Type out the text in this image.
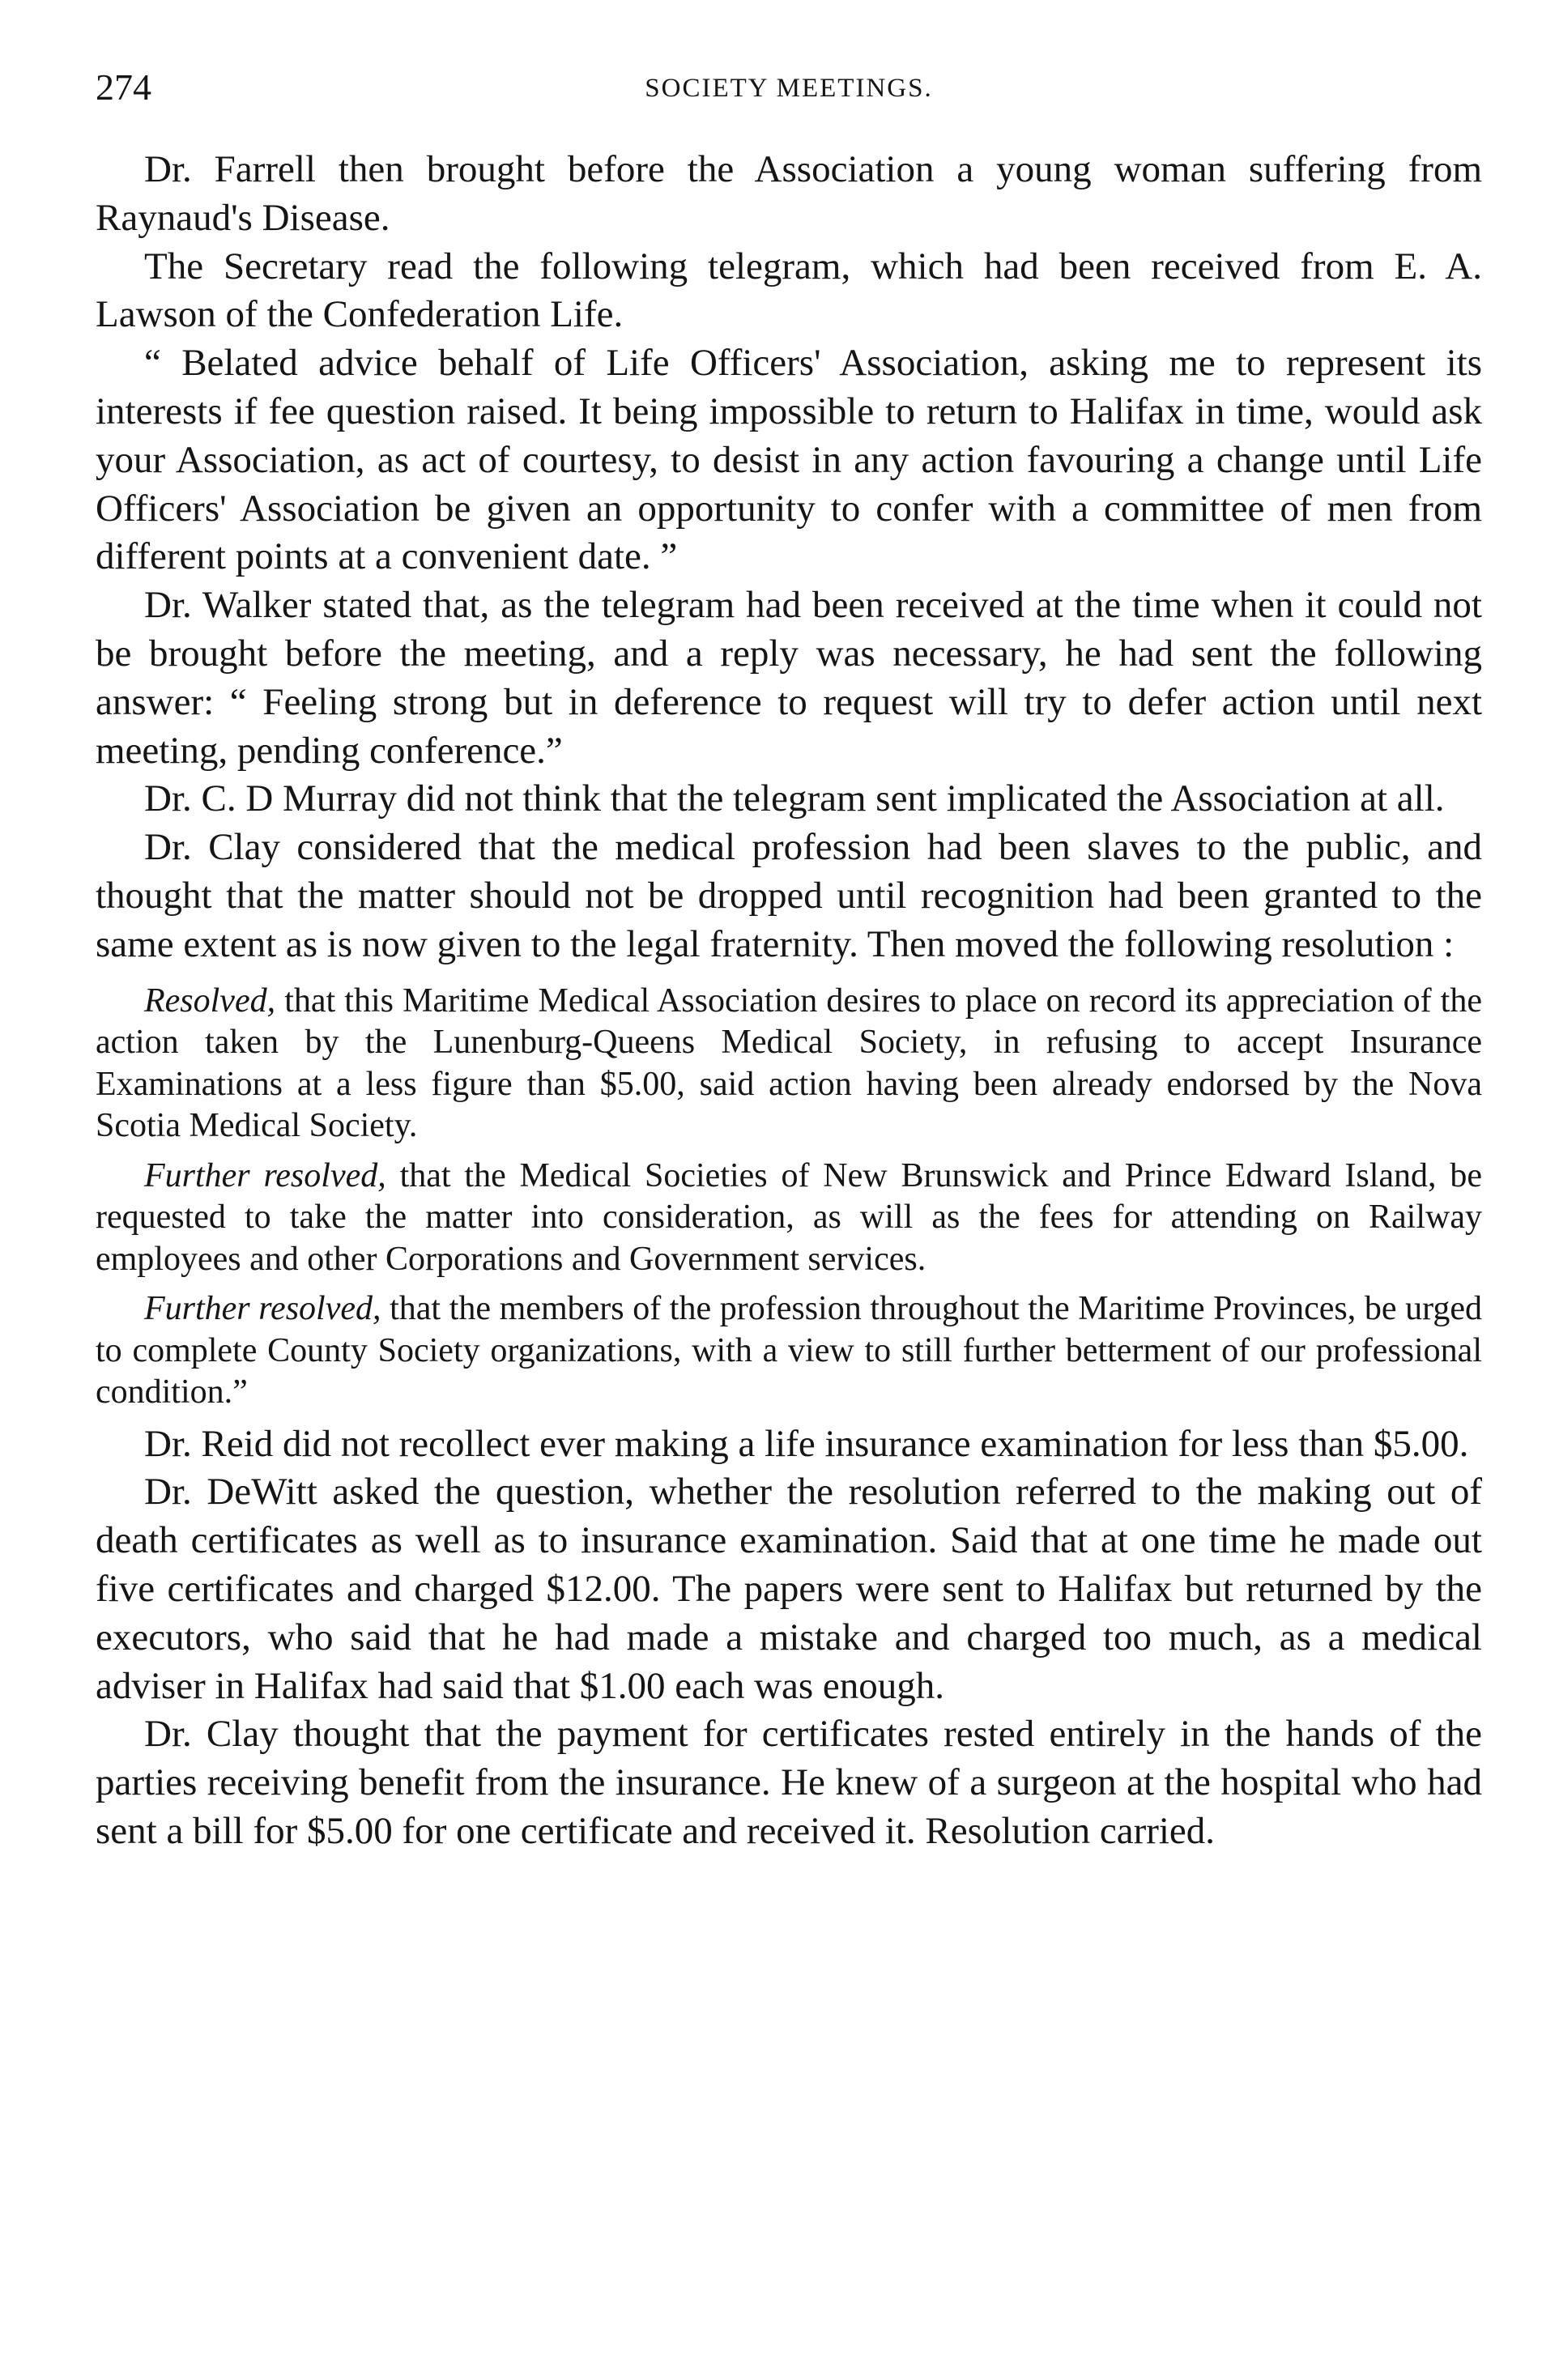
274	SOCIETY MEETINGS.

Dr. Farrell then brought before the Association a young woman suffering from Raynaud's Disease.

The Secretary read the following telegram, which had been received from E. A. Lawson of the Confederation Life.

“ Belated advice behalf of Life Officers' Association, asking me to represent its interests if fee question raised. It being impossible to return to Halifax in time, would ask your Association, as act of courtesy, to desist in any action favouring a change until Life Officers' Association be given an opportunity to confer with a committee of men from different points at a convenient date. ”

Dr. Walker stated that, as the telegram had been received at the time when it could not be brought before the meeting, and a reply was necessary, he had sent the following answer: “ Feeling strong but in deference to request will try to defer action until next meeting, pending conference.”

Dr. C. D Murray did not think that the telegram sent implicated the Association at all.

Dr. Clay considered that the medical profession had been slaves to the public, and thought that the matter should not be dropped until recognition had been granted to the same extent as is now given to the legal fraternity. Then moved the following resolution :

Resolved, that this Maritime Medical Association desires to place on record its appreciation of the action taken by the Lunenburg-Queens Medical Society, in refusing to accept Insurance Examinations at a less figure than $5.00, said action having been already endorsed by the Nova Scotia Medical Society.

Further resolved, that the Medical Societies of New Brunswick and Prince Edward Island, be requested to take the matter into consideration, as will as the fees for attending on Railway employees and other Corporations and Government services.

Further resolved, that the members of the profession throughout the Maritime Provinces, be urged to complete County Society organizations, with a view to still further betterment of our professional condition.”

Dr. Reid did not recollect ever making a life insurance examination for less than $5.00.

Dr. DeWitt asked the question, whether the resolution referred to the making out of death certificates as well as to insurance examination. Said that at one time he made out five certificates and charged $12.00. The papers were sent to Halifax but returned by the executors, who said that he had made a mistake and charged too much, as a medical adviser in Halifax had said that $1.00 each was enough.

Dr. Clay thought that the payment for certificates rested entirely in the hands of the parties receiving benefit from the insurance. He knew of a surgeon at the hospital who had sent a bill for $5.00 for one certificate and received it. Resolution carried.
